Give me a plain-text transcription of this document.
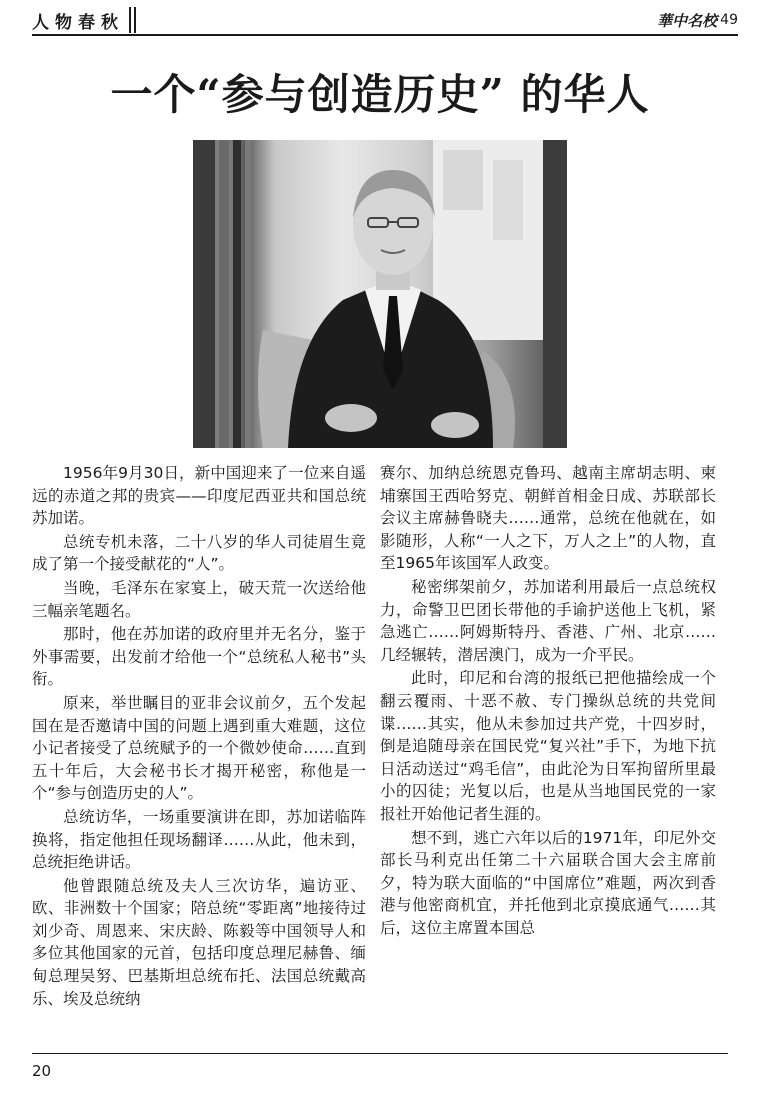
人物春秋	華中名校 49
一个“参与创造历史” 的华人

1956年9月30日，新中国迎来了一位来自遥远的赤道之邦的贵宾——印度尼西亚共和国总统苏加诺。

总统专机未落，二十八岁的华人司徒眉生竟成了第一个接受献花的“人”。

当晚，毛泽东在家宴上，破天荒一次送给他三幅亲笔题名。

那时，他在苏加诺的政府里并无名分，鉴于外事需要，出发前才给他一个“总统私人秘书”头衔。

原来，举世瞩目的亚非会议前夕，五个发起国在是否邀请中国的问题上遇到重大难题，这位小记者接受了总统赋予的一个微妙使命……直到五十年后，大会秘书长才揭开秘密，称他是一个“参与创造历史的人”。

总统访华，一场重要演讲在即，苏加诺临阵换将，指定他担任现场翻译……从此，他未到，总统拒绝讲话。

他曾跟随总统及夫人三次访华，遍访亚、欧、非洲数十个国家；陪总统“零距离”地接待过刘少奇、周恩来、宋庆龄、陈毅等中国领导人和多位其他国家的元首，包括印度总理尼赫鲁、缅甸总理吴努、巴基斯坦总统布托、法国总统戴高乐、埃及总统纳

赛尔、加纳总统恩克鲁玛、越南主席胡志明、柬埔寨国王西哈努克、朝鲜首相金日成、苏联部长会议主席赫鲁晓夫……通常，总统在他就在，如影随形，人称“一人之下，万人之上”的人物，直至1965年该国军人政变。

秘密绑架前夕，苏加诺利用最后一点总统权力，命警卫巴团长带他的手谕护送他上飞机，紧急逃亡……阿姆斯特丹、香港、广州、北京……几经辗转，潜居澳门，成为一介平民。

此时，印尼和台湾的报纸已把他描绘成一个翻云覆雨、十恶不赦、专门操纵总统的共党间谍……其实，他从未参加过共产党，十四岁时，倒是追随母亲在国民党“复兴社”手下，为地下抗日活动送过“鸡毛信”，由此沦为日军拘留所里最小的囚徒；光复以后，也是从当地国民党的一家报社开始他记者生涯的。

想不到，逃亡六年以后的1971年，印尼外交部长马利克出任第二十六届联合国大会主席前夕，特为联大面临的“中国席位”难题，两次到香港与他密商机宜，并托他到北京摸底通气……其后，这位主席置本国总

20
